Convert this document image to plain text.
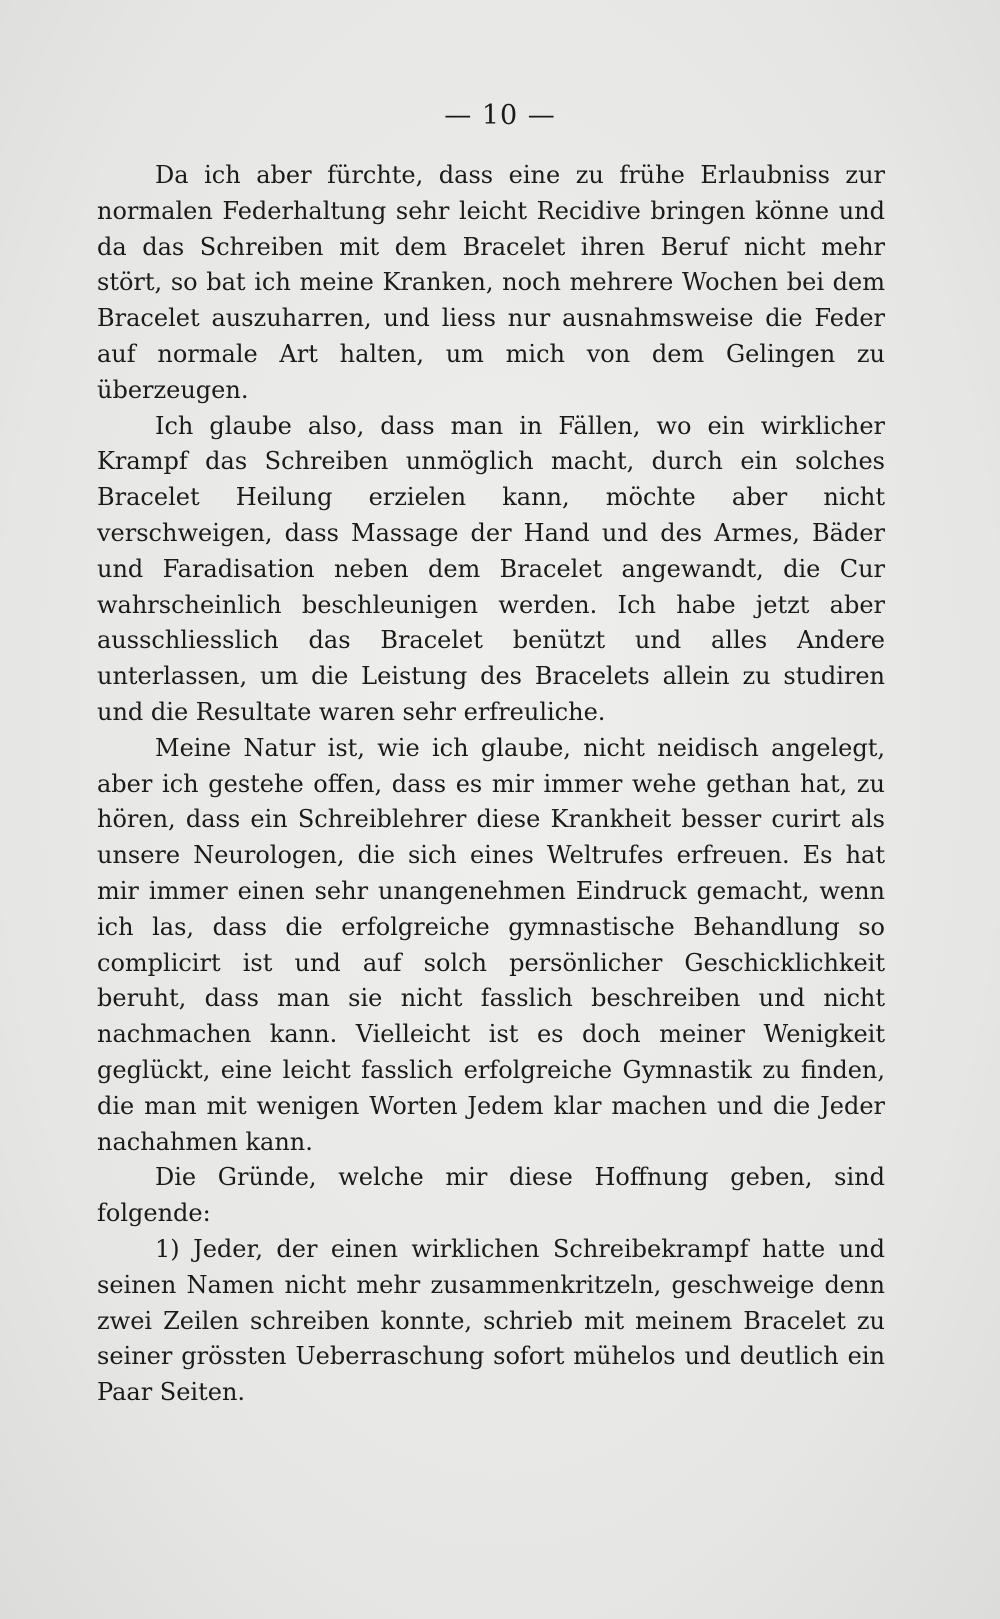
— 10 —

Da ich aber fürchte, dass eine zu frühe Erlaubniss zur normalen Federhaltung sehr leicht Recidive bringen könne und da das Schreiben mit dem Bracelet ihren Beruf nicht mehr stört, so bat ich meine Kranken, noch mehrere Wochen bei dem Bracelet auszuharren, und liess nur ausnahmsweise die Feder auf normale Art halten, um mich von dem Gelingen zu überzeugen.

Ich glaube also, dass man in Fällen, wo ein wirklicher Krampf das Schreiben unmöglich macht, durch ein solches Bracelet Heilung erzielen kann, möchte aber nicht verschweigen, dass Massage der Hand und des Armes, Bäder und Faradisation neben dem Bracelet angewandt, die Cur wahrscheinlich beschleunigen werden. Ich habe jetzt aber ausschliesslich das Bracelet benützt und alles Andere unterlassen, um die Leistung des Bracelets allein zu studiren und die Resultate waren sehr erfreuliche.

Meine Natur ist, wie ich glaube, nicht neidisch angelegt, aber ich gestehe offen, dass es mir immer wehe gethan hat, zu hören, dass ein Schreiblehrer diese Krankheit besser curirt als unsere Neurologen, die sich eines Weltrufes erfreuen. Es hat mir immer einen sehr unangenehmen Eindruck gemacht, wenn ich las, dass die erfolgreiche gymnastische Behandlung so complicirt ist und auf solch persönlicher Geschicklichkeit beruht, dass man sie nicht fasslich beschreiben und nicht nachmachen kann. Vielleicht ist es doch meiner Wenigkeit geglückt, eine leicht fasslich erfolgreiche Gymnastik zu finden, die man mit wenigen Worten Jedem klar machen und die Jeder nachahmen kann.

Die Gründe, welche mir diese Hoffnung geben, sind folgende:

1) Jeder, der einen wirklichen Schreibekrampf hatte und seinen Namen nicht mehr zusammenkritzeln, geschweige denn zwei Zeilen schreiben konnte, schrieb mit meinem Bracelet zu seiner grössten Ueberraschung sofort mühelos und deutlich ein Paar Seiten.
